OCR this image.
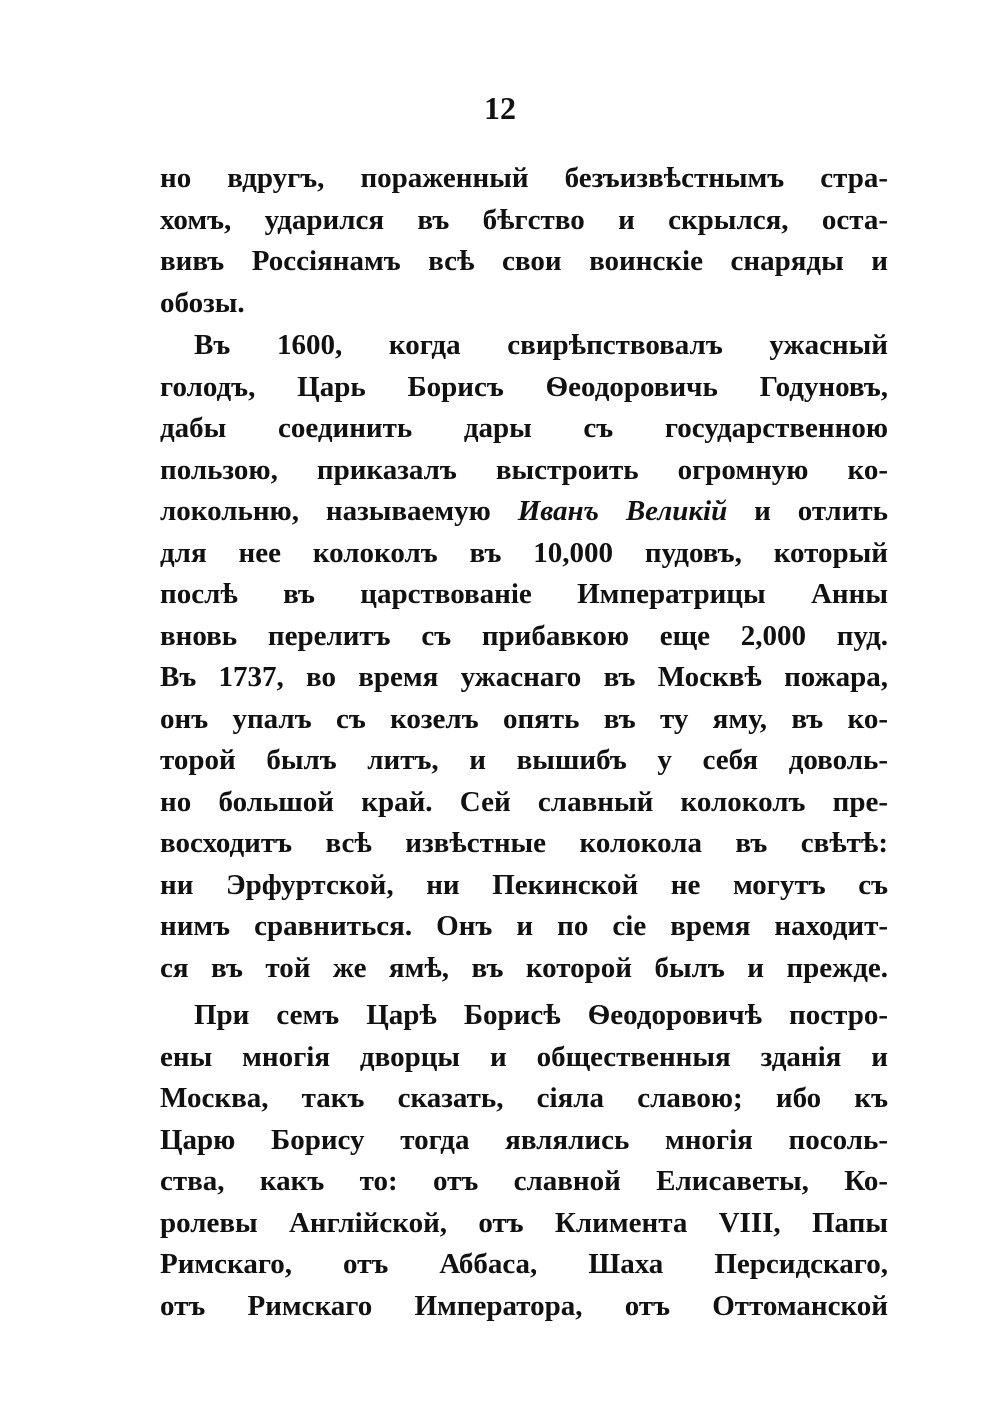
12
но вдругъ, пораженный безъизвѣстнымъ стра-
хомъ, ударился въ бѣгство и скрылся, оста-
вивъ Россіянамъ всѣ свои воинскіе снаряды и
обозы.
Въ 1600, когда свирѣпствовалъ ужасный
голодъ, Царь Борисъ Ѳеодоровичь Годуновъ,
дабы соединить дары съ государственною
пользою, приказалъ выстроить огромную ко-
локольню, называемую Иванъ Великій и отлить
для нее колоколъ въ 10,000 пудовъ, который
послѣ въ царствованіе Императрицы Анны
вновь перелитъ съ прибавкою еще 2,000 пуд.
Въ 1737, во время ужаснаго въ Москвѣ пожара,
онъ упалъ съ козелъ опять въ ту яму, въ ко-
торой былъ литъ, и вышибъ у себя доволь-
но большой край. Сей славный колоколъ пре-
восходитъ всѣ извѣстные колокола въ свѣтѣ:
ни Эрфуртской, ни Пекинской не могутъ съ
нимъ сравниться. Онъ и по сіе время находит-
ся въ той же ямѣ, въ которой былъ и прежде.
При семъ Царѣ Борисѣ Ѳеодоровичѣ постро-
ены многія дворцы и общественныя зданія и
Москва, такъ сказать, сіяла славою; ибо къ
Царю Борису тогда являлись многія посоль-
ства, какъ то: отъ славной Елисаветы, Ко-
ролевы Англійской, отъ Климента VIII, Папы
Римскаго, отъ Аббаса, Шаха Персидскаго,
отъ Римскаго Императора, отъ Оттоманской
